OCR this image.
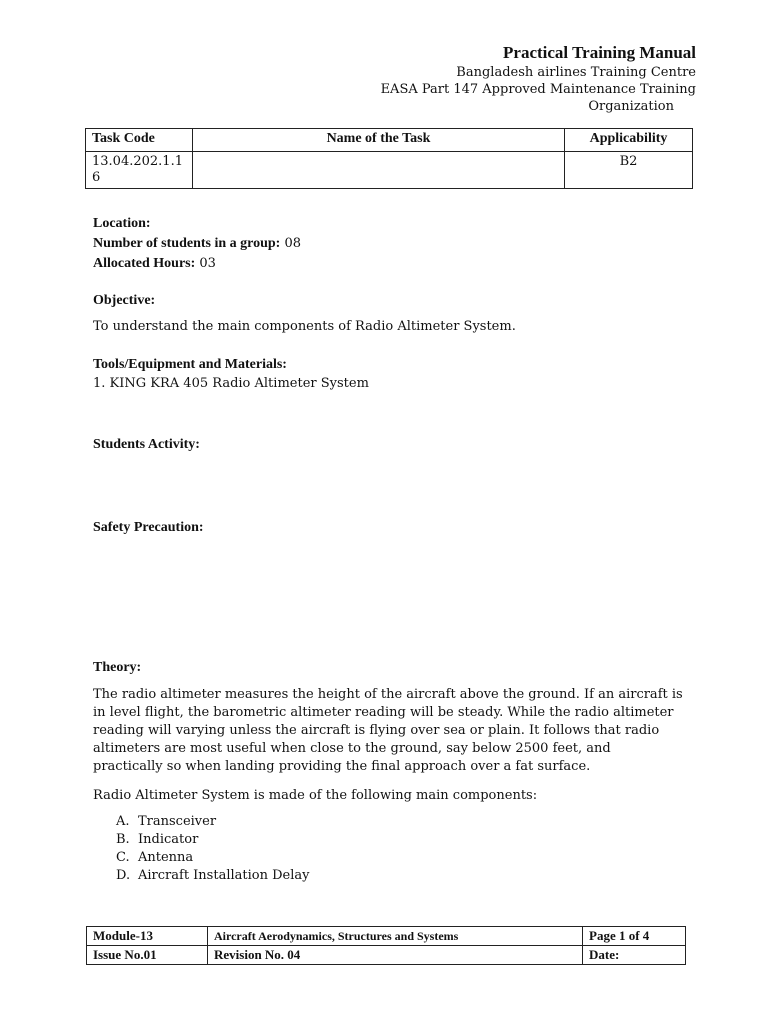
Practical Training Manual
Bangladesh airlines Training Centre
EASA Part 147 Approved Maintenance Training
Organization
Task Code	Name of the Task	Applicability
13.04.202.1.16		B2
Location:
Number of students in a group: 08
Allocated Hours: 03
Objective:
To understand the main components of Radio Altimeter System.
Tools/Equipment and Materials:
1. KING KRA 405 Radio Altimeter System
Students Activity:
Safety Precaution:
Theory:

The radio altimeter measures the height of the aircraft above the ground. If an aircraft is in level flight, the barometric altimeter reading will be steady. While the radio altimeter reading will varying unless the aircraft is flying over sea or plain. It follows that radio altimeters are most useful when close to the ground, say below 2500 feet, and practically so when landing providing the final approach over a fat surface.

Radio Altimeter System is made of the following main components:
A. Transceiver
B. Indicator
C. Antenna
D. Aircraft Installation Delay
Module-13	Aircraft Aerodynamics, Structures and Systems	Page 1 of 4
Issue No.01	Revision No. 04	Date:
